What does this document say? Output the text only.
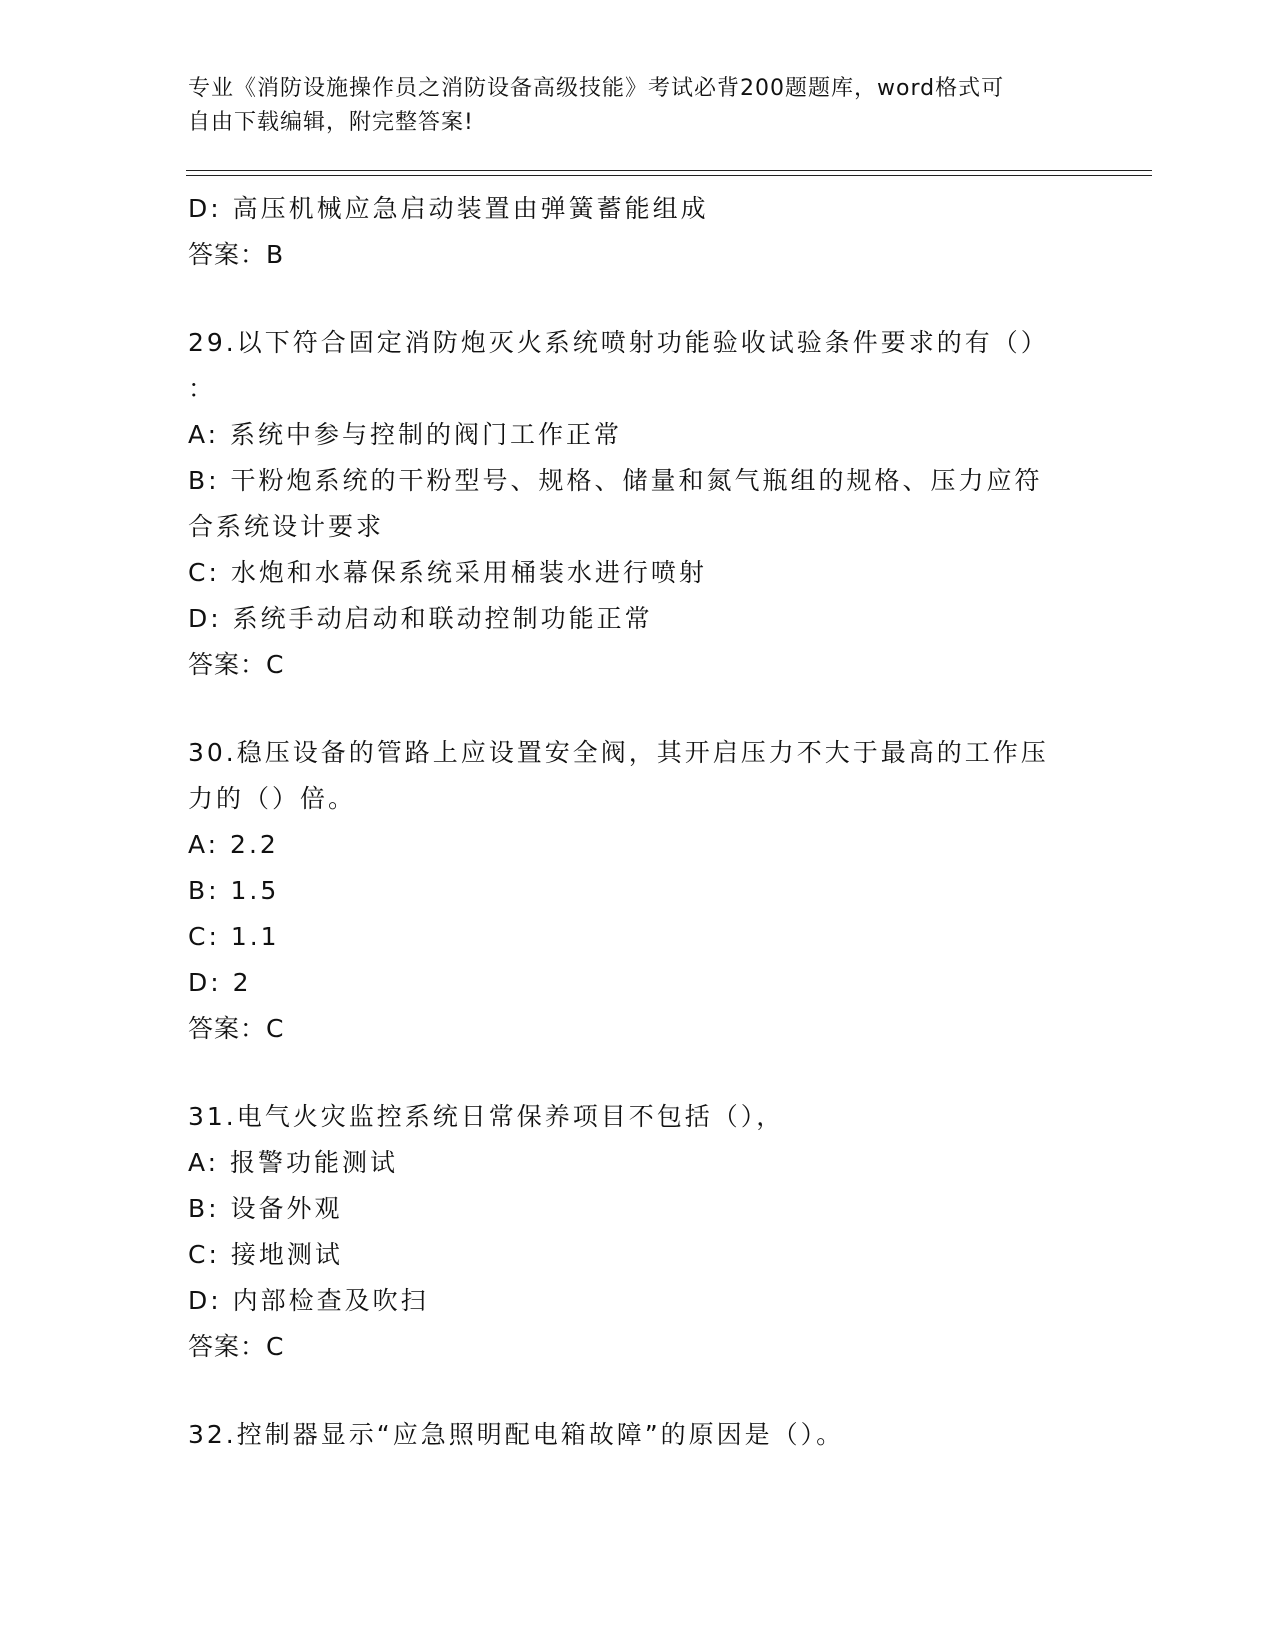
专业《消防设施操作员之消防设备高级技能》考试必背200题题库，word格式可
自由下载编辑，附完整答案!
D: 高压机械应急启动装置由弹簧蓄能组成
答案：B
29.以下符合固定消防炮灭火系统喷射功能验收试验条件要求的有（）
：
A: 系统中参与控制的阀门工作正常
B: 干粉炮系统的干粉型号、规格、储量和氮气瓶组的规格、压力应符
合系统设计要求
C: 水炮和水幕保系统采用桶装水进行喷射
D: 系统手动启动和联动控制功能正常
答案：C
30.稳压设备的管路上应设置安全阀，其开启压力不大于最高的工作压
力的（）倍。
A: 2.2
B: 1.5
C: 1.1
D: 2
答案：C
31.电气火灾监控系统日常保养项目不包括（），
A: 报警功能测试
B: 设备外观
C: 接地测试
D: 内部检查及吹扫
答案：C
32.控制器显示“应急照明配电箱故障”的原因是（）。
